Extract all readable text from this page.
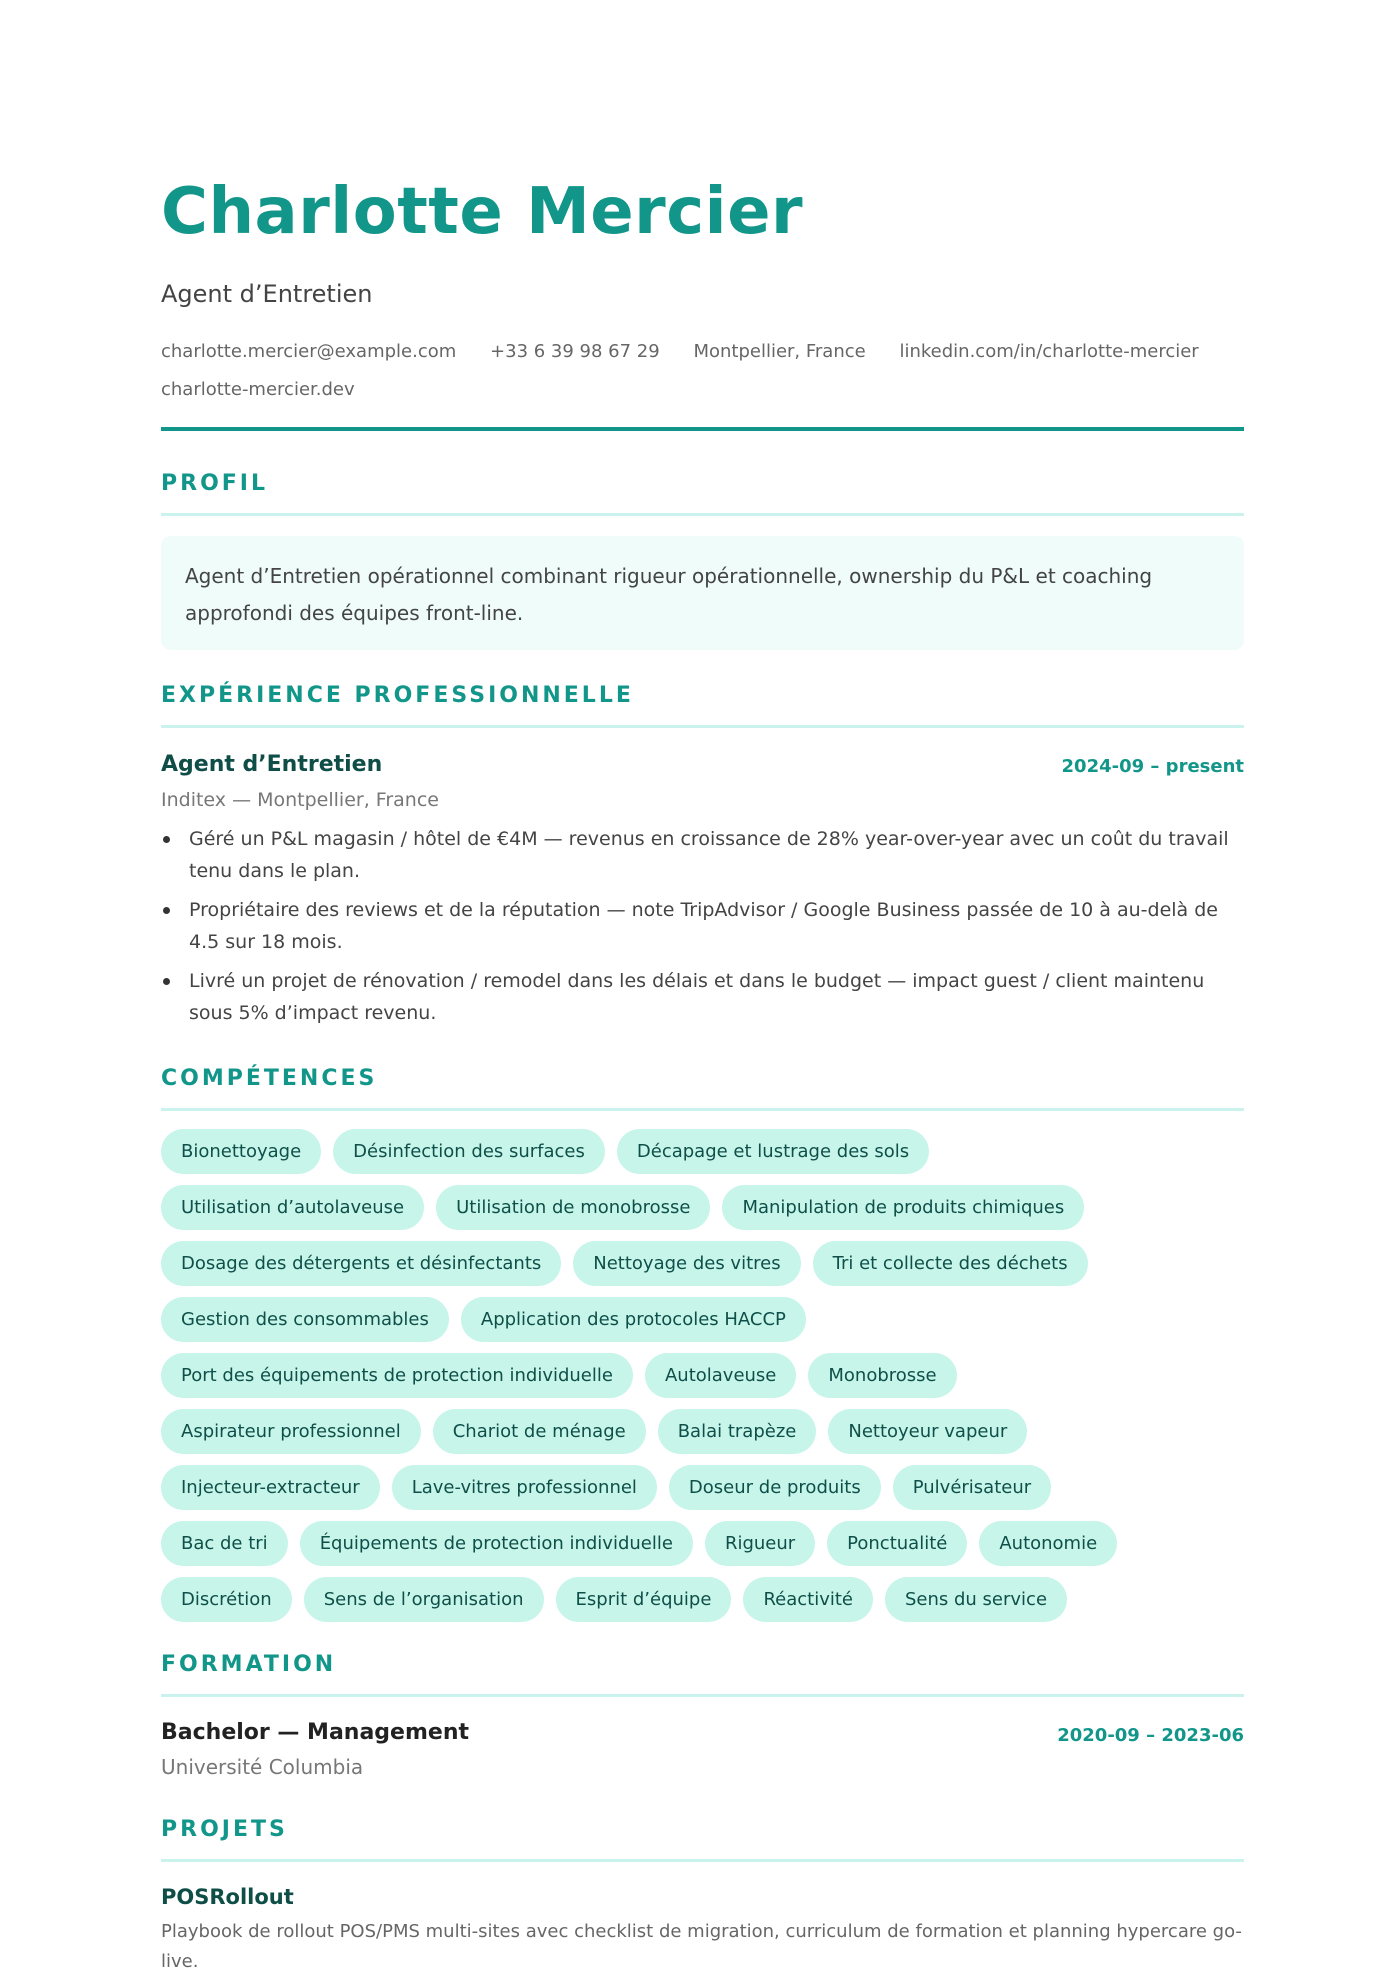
Charlotte Mercier
Agent d’Entretien
charlotte.mercier@example.com +33 6 39 98 67 29 Montpellier, France linkedin.com/in/charlotte-mercier
charlotte-mercier.dev
PROFIL
Agent d’Entretien opérationnel combinant rigueur opérationnelle, ownership du P&L et coaching approfondi des équipes front-line.
EXPÉRIENCE PROFESSIONNELLE
Agent d’Entretien	2024-09 – present
Inditex — Montpellier, France
Géré un P&L magasin / hôtel de €4M — revenus en croissance de 28% year-over-year avec un coût du travail tenu dans le plan.
Propriétaire des reviews et de la réputation — note TripAdvisor / Google Business passée de 10 à au-delà de 4.5 sur 18 mois.
Livré un projet de rénovation / remodel dans les délais et dans le budget — impact guest / client maintenu sous 5% d’impact revenu.
COMPÉTENCES
Bionettoyage	Désinfection des surfaces	Décapage et lustrage des sols
Utilisation d’autolaveuse	Utilisation de monobrosse	Manipulation de produits chimiques
Dosage des détergents et désinfectants	Nettoyage des vitres	Tri et collecte des déchets
Gestion des consommables	Application des protocoles HACCP
Port des équipements de protection individuelle	Autolaveuse	Monobrosse
Aspirateur professionnel	Chariot de ménage	Balai trapèze	Nettoyeur vapeur
Injecteur-extracteur	Lave-vitres professionnel	Doseur de produits	Pulvérisateur
Bac de tri	Équipements de protection individuelle	Rigueur	Ponctualité	Autonomie
Discrétion	Sens de l’organisation	Esprit d’équipe	Réactivité	Sens du service
FORMATION
Bachelor — Management	2020-09 – 2023-06
Université Columbia
PROJETS
POSRollout
Playbook de rollout POS/PMS multi-sites avec checklist de migration, curriculum de formation et planning hypercare go-live.
